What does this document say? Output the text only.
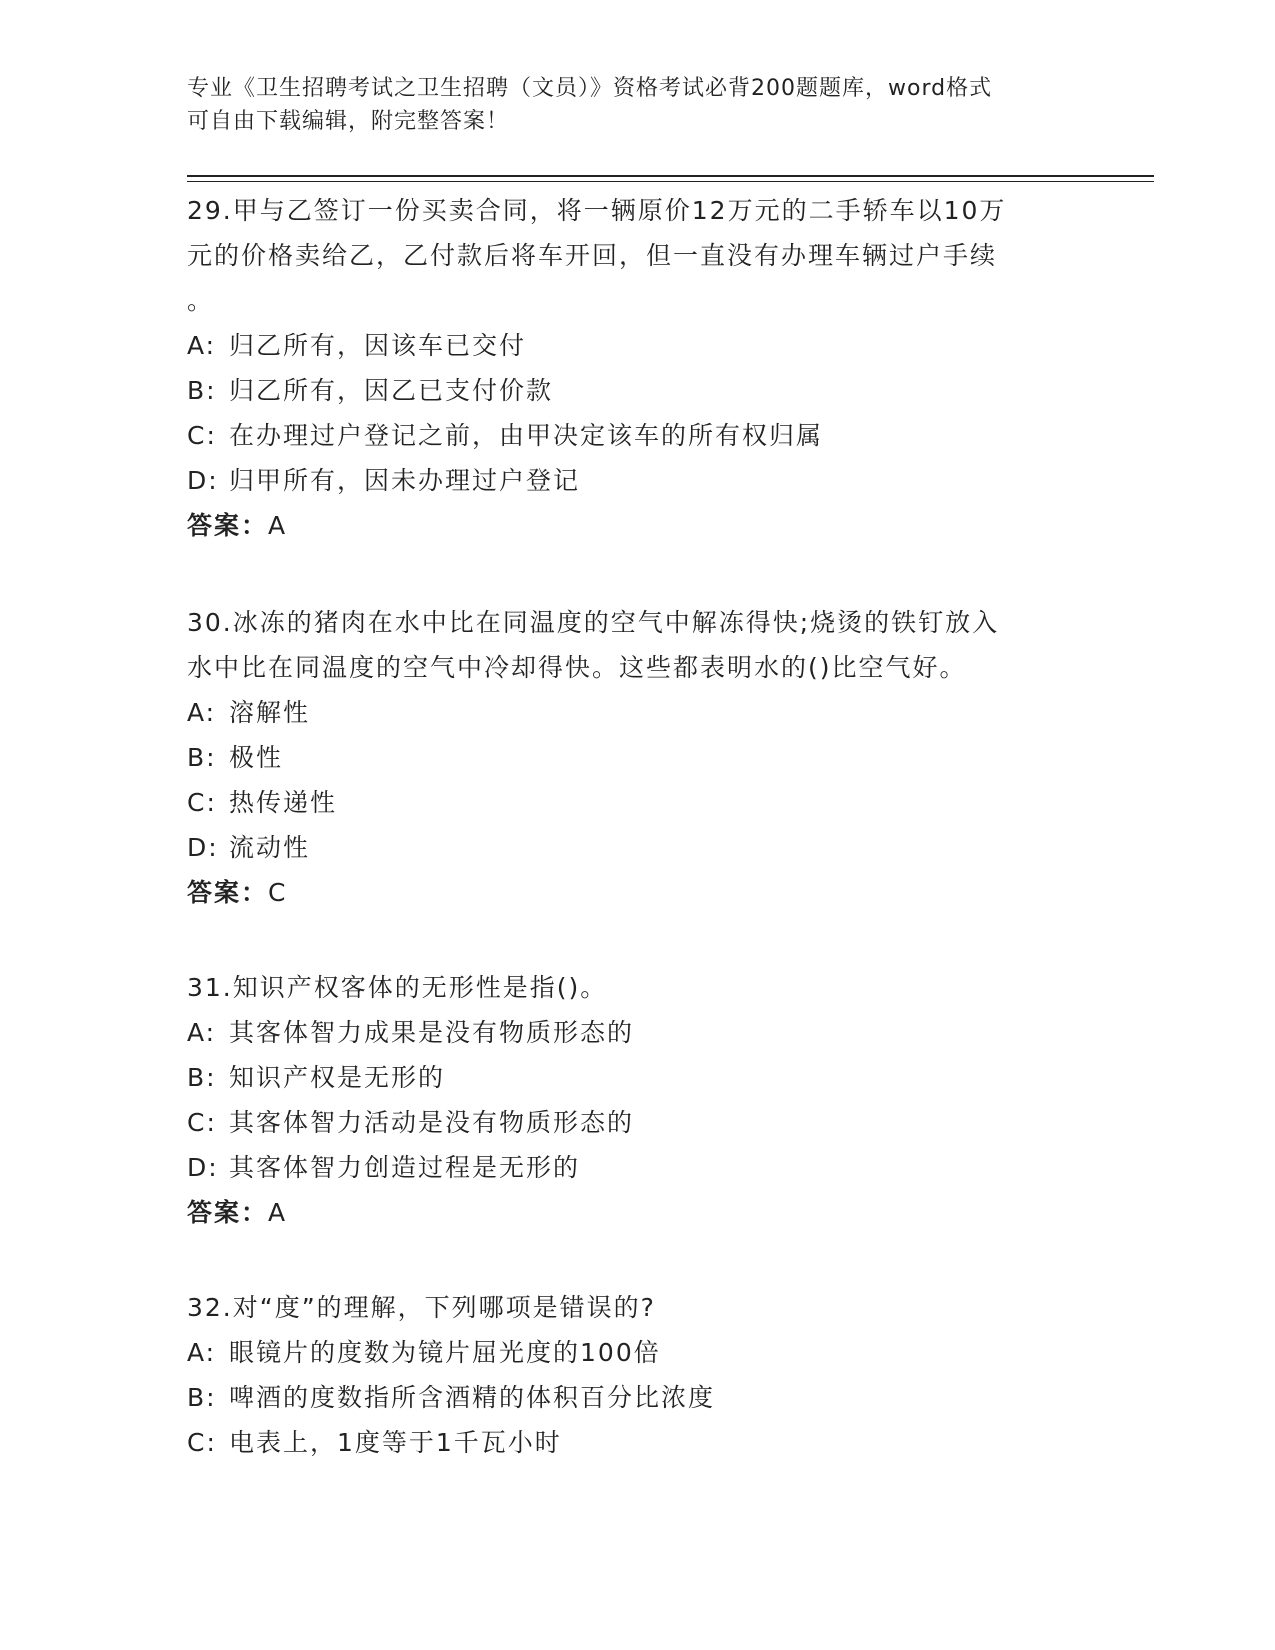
专业《卫生招聘考试之卫生招聘（文员）》资格考试必背200题题库，word格式
可自由下载编辑，附完整答案！

29.甲与乙签订一份买卖合同，将一辆原价12万元的二手轿车以10万

元的价格卖给乙，乙付款后将车开回，但一直没有办理车辆过户手续

。

A: 归乙所有，因该车已交付

B: 归乙所有，因乙已支付价款

C: 在办理过户登记之前，由甲决定该车的所有权归属

D: 归甲所有，因未办理过户登记

答案：A

30.冰冻的猪肉在水中比在同温度的空气中解冻得快;烧烫的铁钉放入

水中比在同温度的空气中冷却得快。这些都表明水的()比空气好。

A: 溶解性

B: 极性

C: 热传递性

D: 流动性

答案：C

31.知识产权客体的无形性是指()。

A: 其客体智力成果是没有物质形态的

B: 知识产权是无形的

C: 其客体智力活动是没有物质形态的

D: 其客体智力创造过程是无形的

答案：A

32.对“度”的理解，下列哪项是错误的?

A: 眼镜片的度数为镜片屈光度的100倍

B: 啤酒的度数指所含酒精的体积百分比浓度

C: 电表上，1度等于1千瓦小时
